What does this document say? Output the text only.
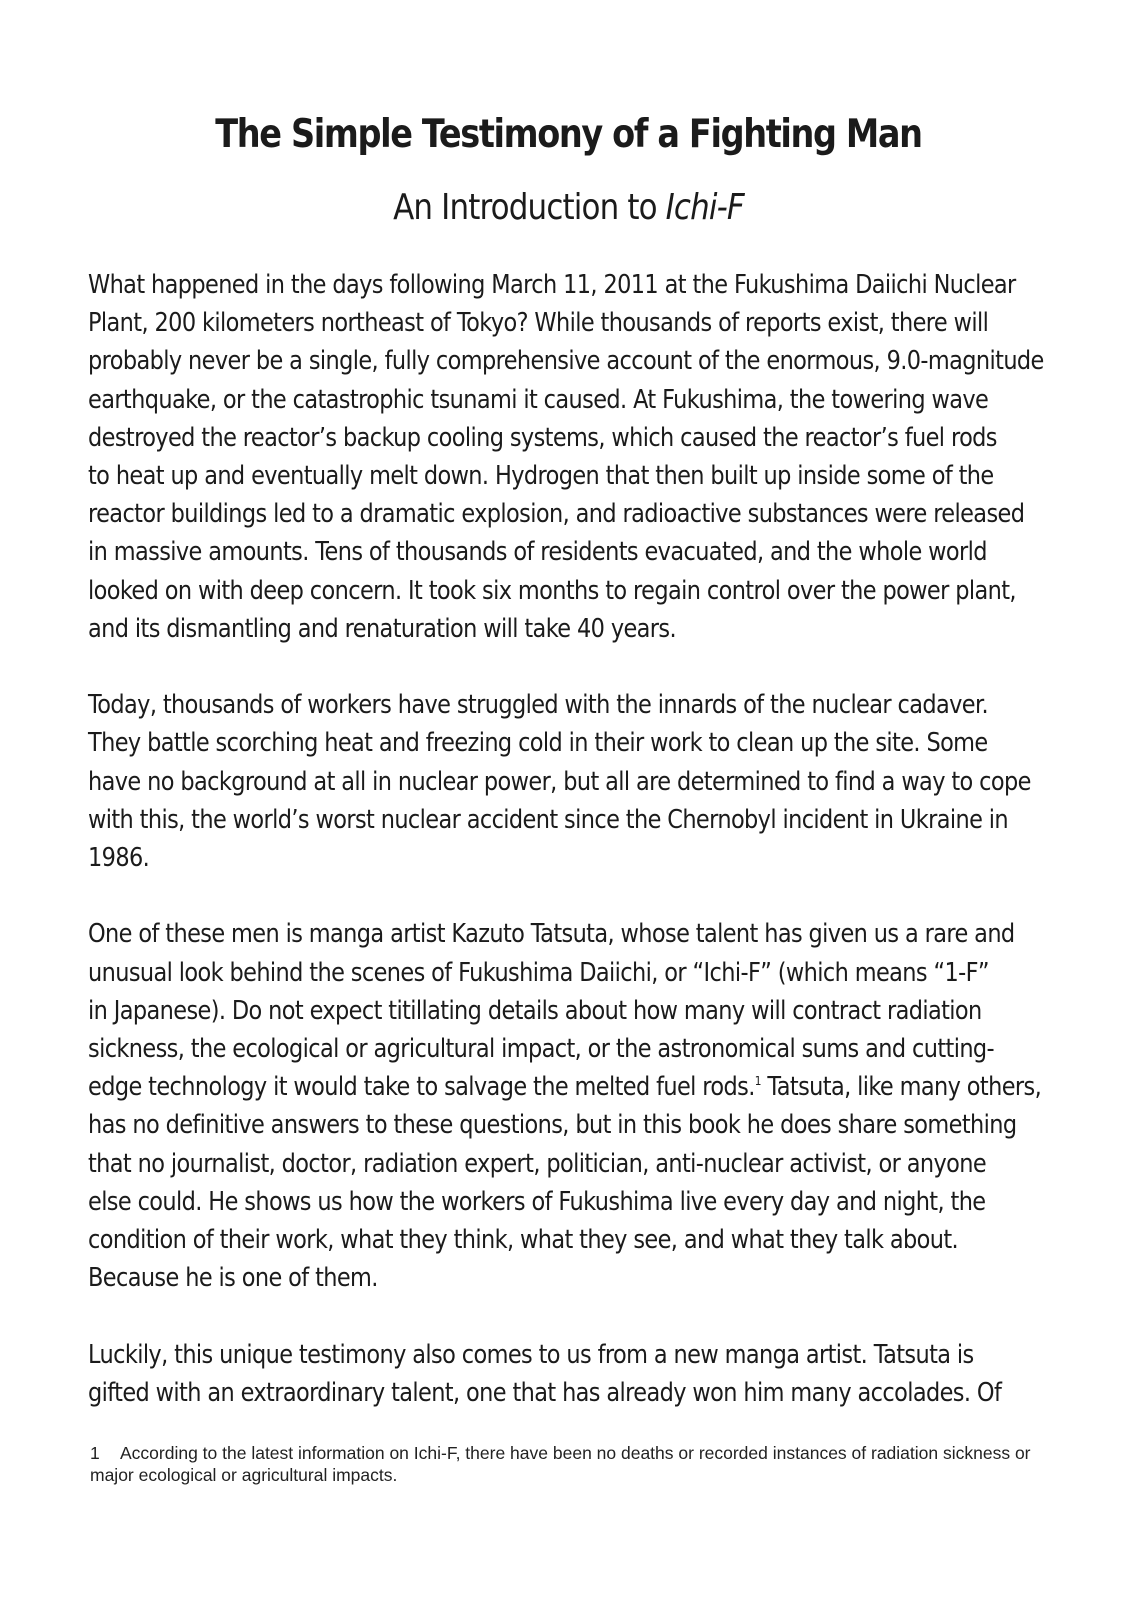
The Simple Testimony of a Fighting Man
An Introduction to Ichi-F

What happened in the days following March 11, 2011 at the Fukushima Daiichi Nuclear
Plant, 200 kilometers northeast of Tokyo? While thousands of reports exist, there will
probably never be a single, fully comprehensive account of the enormous, 9.0-magnitude
earthquake, or the catastrophic tsunami it caused. At Fukushima, the towering wave
destroyed the reactor’s backup cooling systems, which caused the reactor’s fuel rods
to heat up and eventually melt down. Hydrogen that then built up inside some of the
reactor buildings led to a dramatic explosion, and radioactive substances were released
in massive amounts. Tens of thousands of residents evacuated, and the whole world
looked on with deep concern. It took six months to regain control over the power plant,
and its dismantling and renaturation will take 40 years.

Today, thousands of workers have struggled with the innards of the nuclear cadaver.
They battle scorching heat and freezing cold in their work to clean up the site. Some
have no background at all in nuclear power, but all are determined to find a way to cope
with this, the world’s worst nuclear accident since the Chernobyl incident in Ukraine in
1986.

One of these men is manga artist Kazuto Tatsuta, whose talent has given us a rare and
unusual look behind the scenes of Fukushima Daiichi, or “Ichi-F” (which means “1-F”
in Japanese). Do not expect titillating details about how many will contract radiation
sickness, the ecological or agricultural impact, or the astronomical sums and cutting-
edge technology it would take to salvage the melted fuel rods.$^1$ Tatsuta, like many others,
has no definitive answers to these questions, but in this book he does share something
that no journalist, doctor, radiation expert, politician, anti-nuclear activist, or anyone
else could. He shows us how the workers of Fukushima live every day and night, the
condition of their work, what they think, what they see, and what they talk about.
Because he is one of them.

Luckily, this unique testimony also comes to us from a new manga artist. Tatsuta is
gifted with an extraordinary talent, one that has already won him many accolades. Of

1 According to the latest information on Ichi-F, there have been no deaths or recorded instances of radiation sickness or major ecological or agricultural impacts.
